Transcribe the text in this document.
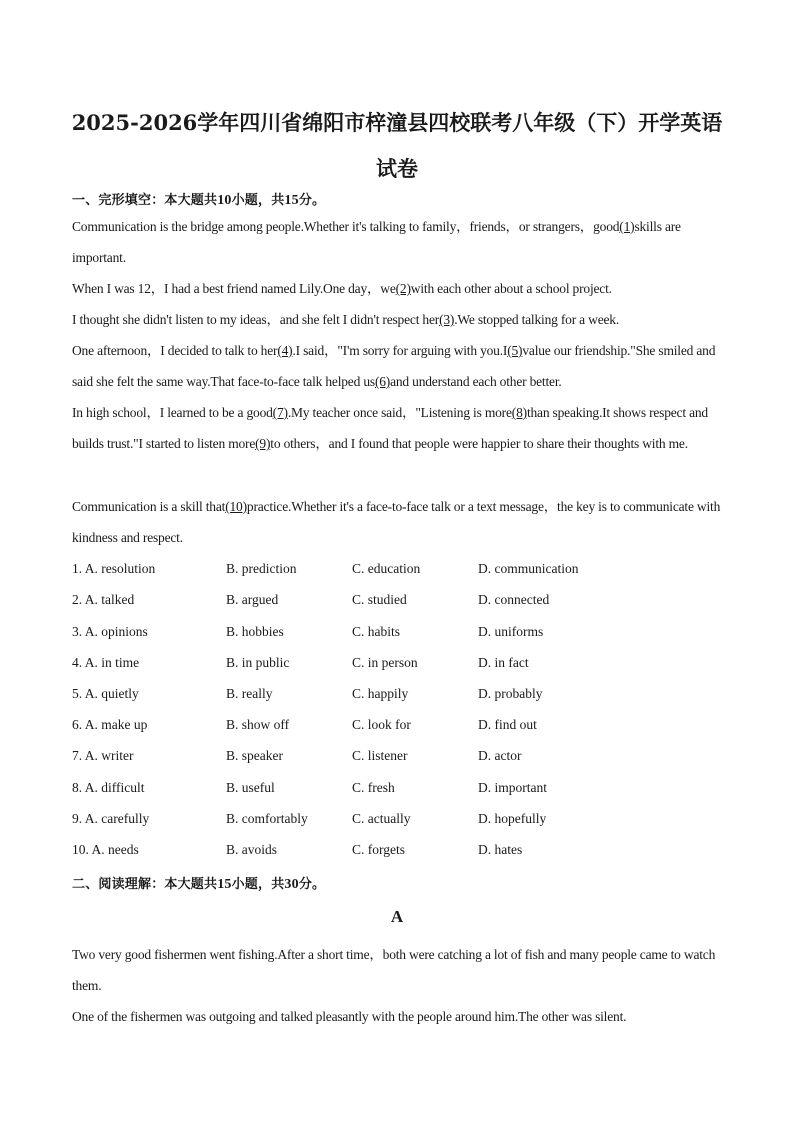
2025-2026学年四川省绵阳市梓潼县四校联考八年级（下）开学英语
试卷
一、完形填空：本大题共10小题，共15分。
Communication is the bridge among people.Whether it's talking to family，friends，or strangers，good(1)skills are important.
When I was 12，I had a best friend named Lily.One day，we(2)with each other about a school project.
I thought she didn't listen to my ideas，and she felt I didn't respect her(3).We stopped talking for a week.
One afternoon，I decided to talk to her(4).I said，"I'm sorry for arguing with you.I(5)value our friendship."She smiled and said she felt the same way.That face-to-face talk helped us(6)and understand each other better.
In high school，I learned to be a good(7).My teacher once said，"Listening is more(8)than speaking.It shows respect and builds trust."I started to listen more(9)to others，and I found that people were happier to share their thoughts with me.
Communication is a skill that(10)practice.Whether it's a face-to-face talk or a text message，the key is to communicate with kindness and respect.
1. A. resolution	B. prediction	C. education	D. communication
2. A. talked	B. argued	C. studied	D. connected
3. A. opinions	B. hobbies	C. habits	D. uniforms
4. A. in time	B. in public	C. in person	D. in fact
5. A. quietly	B. really	C. happily	D. probably
6. A. make up	B. show off	C. look for	D. find out
7. A. writer	B. speaker	C. listener	D. actor
8. A. difficult	B. useful	C. fresh	D. important
9. A. carefully	B. comfortably	C. actually	D. hopefully
10. A. needs	B. avoids	C. forgets	D. hates
二、阅读理解：本大题共15小题，共30分。
A
Two very good fishermen went fishing.After a short time，both were catching a lot of fish and many people came to watch them.
One of the fishermen was outgoing and talked pleasantly with the people around him.The other was silent.
